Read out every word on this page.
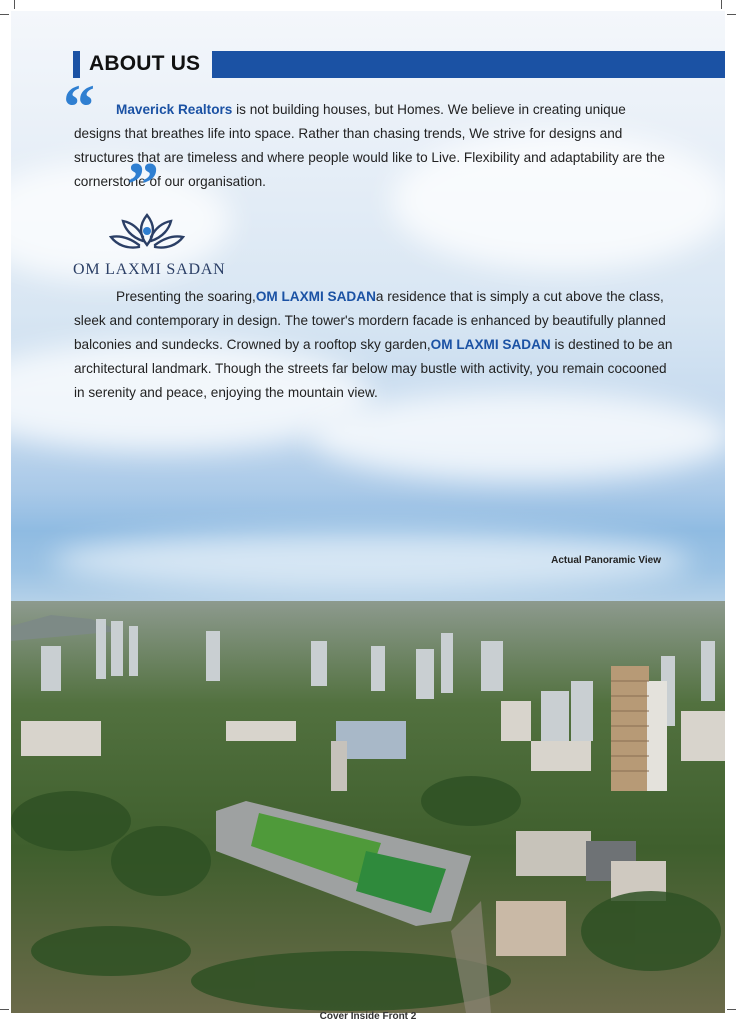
ABOUT US
“	Maverick Realtors is not building houses, but Homes. We believe in creating unique designs that breathes life into space. Rather than chasing trends, We strive for designs and structures that are timeless and where people would like to Live. Flexibility and adaptability are the cornerstone of our organisation.

”
OM LAXMI SADAN

Presenting the soaring,OM LAXMI SADANa residence that is simply a cut above the class, sleek and contemporary in design. The tower's mordern facade is enhanced by beautifully planned balconies and sundecks. Crowned by a rooftop sky garden,OM LAXMI SADAN is destined to be an architectural landmark. Though the streets far below may bustle with activity, you remain cocooned in serenity and peace, enjoying the mountain view.

Actual Panoramic View
Cover Inside Front 2
